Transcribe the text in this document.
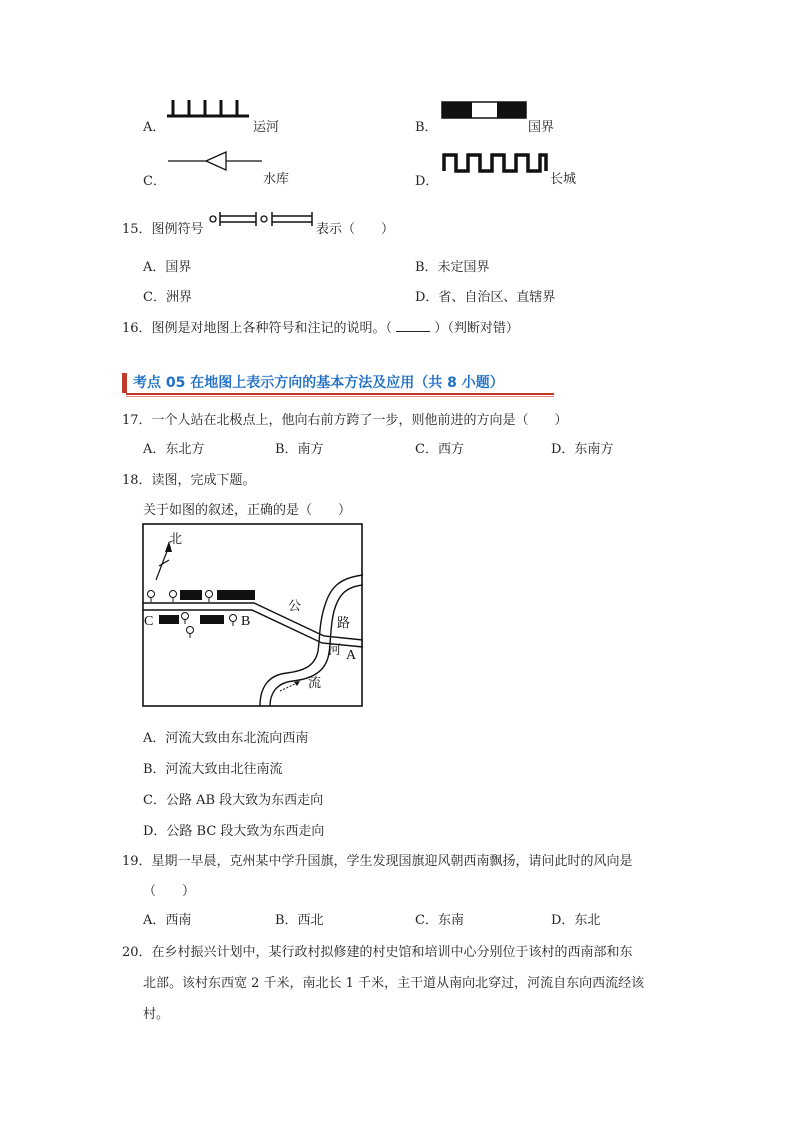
A．	运河	B．	国界
C．	水库	D．	长城
15．图例符号	表示（　　）
A．国界	B．未定国界
C．洲界	D．省、自治区、直辖界
16．图例是对地图上各种符号和注记的说明。（	）（判断对错）
考点 05 在地图上表示方向的基本方法及应用（共 8 小题）
17．一个人站在北极点上，他向右前方跨了一步，则他前进的方向是（　　）
A．东北方	B．南方	C．西方	D．东南方
18．读图，完成下题。
关于如图的叙述，正确的是（　　）
北
C	B
A
公
路
河
流
A．河流大致由东北流向西南
B．河流大致由北往南流
C．公路 AB 段大致为东西走向
D．公路 BC 段大致为东西走向
19．星期一早晨，克州某中学升国旗，学生发现国旗迎风朝西南飘扬，请问此时的风向是
（　　）
A．西南	B．西北	C．东南	D．东北
20．在乡村振兴计划中，某行政村拟修建的村史馆和培训中心分别位于该村的西南部和东
北部。该村东西宽 2 千米，南北长 1 千米，主干道从南向北穿过，河流自东向西流经该
村。
